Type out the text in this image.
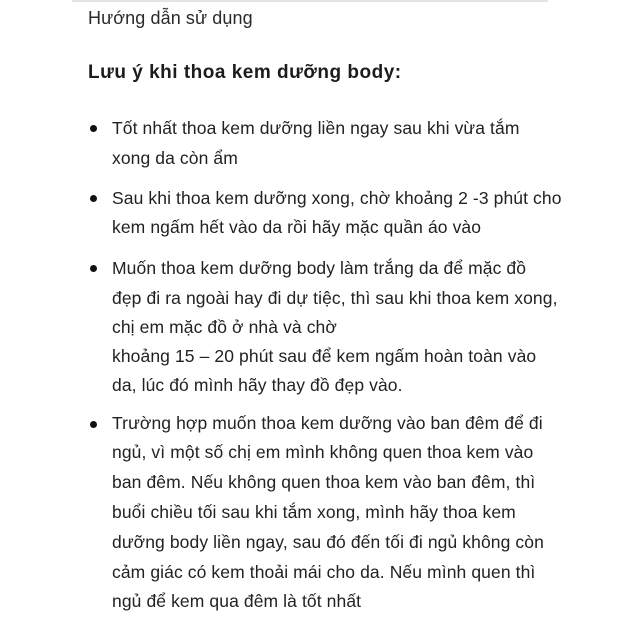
Hướng dẫn sử dụng
Lưu ý khi thoa kem dưỡng body:
Tốt nhất thoa kem dưỡng liền ngay sau khi vừa tắm
xong da còn ẩm
Sau khi thoa kem dưỡng xong, chờ khoảng 2 -3 phút cho
kem ngấm hết vào da rồi hãy mặc quần áo vào
Muốn thoa kem dưỡng body làm trắng da để mặc đồ
đẹp đi ra ngoài hay đi dự tiệc, thì sau khi thoa kem xong,
chị em mặc đồ ở nhà và chờ
khoảng 15 – 20 phút sau để kem ngấm hoàn toàn vào
da, lúc đó mình hãy thay đồ đẹp vào.
Trường hợp muốn thoa kem dưỡng vào ban đêm để đi
ngủ, vì một số chị em mình không quen thoa kem vào
ban đêm. Nếu không quen thoa kem vào ban đêm, thì
buổi chiều tối sau khi tắm xong, mình hãy thoa kem
dưỡng body liền ngay, sau đó đến tối đi ngủ không còn
cảm giác có kem thoải mái cho da. Nếu mình quen thì
ngủ để kem qua đêm là tốt nhất
